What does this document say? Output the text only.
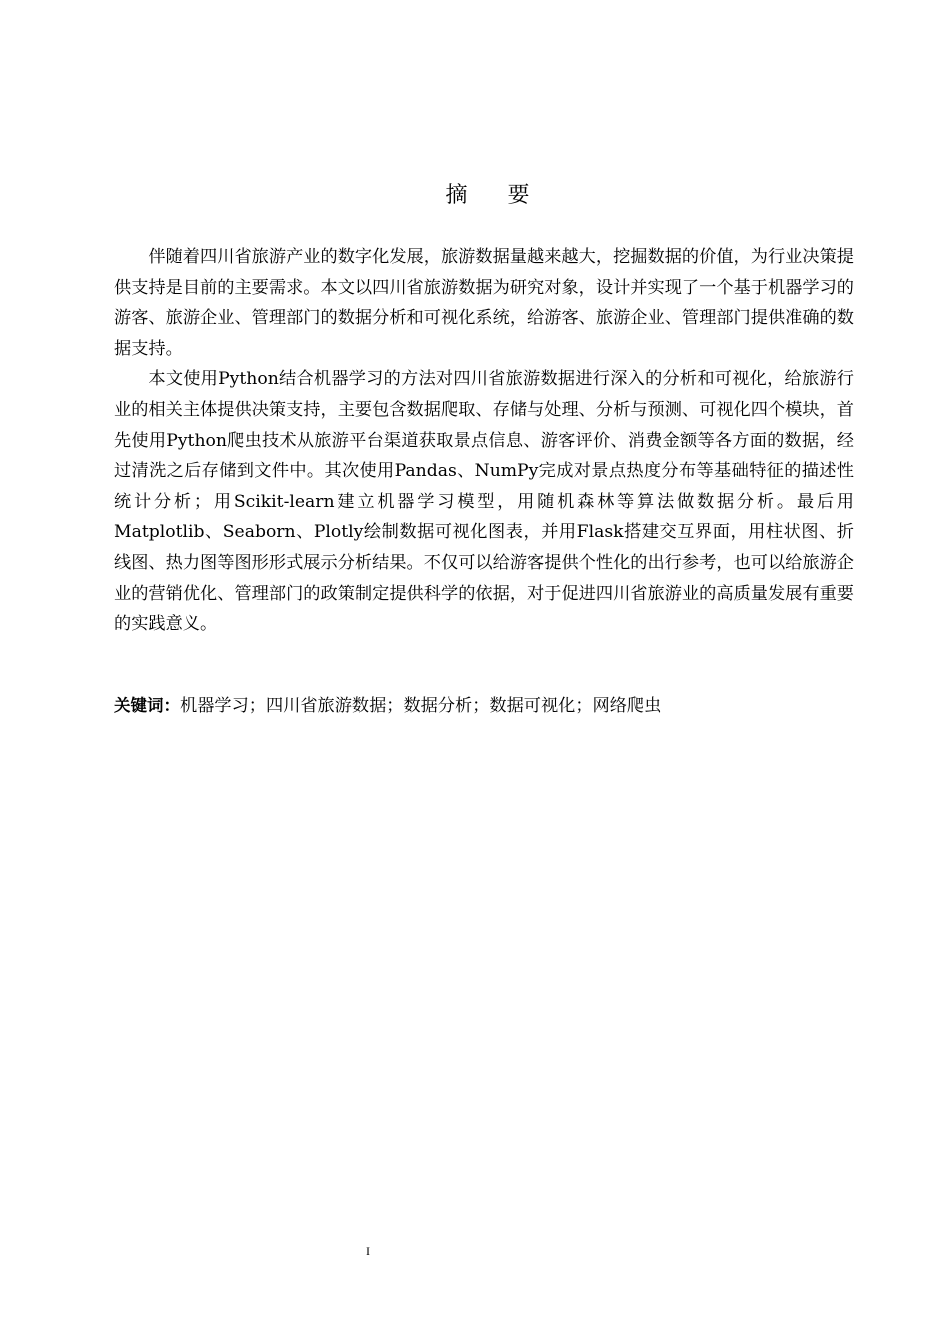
摘 要

伴随着四川省旅游产业的数字化发展，旅游数据量越来越大，挖掘数据的价值，为行业决策提供支持是目前的主要需求。本文以四川省旅游数据为研究对象，设计并实现了一个基于机器学习的游客、旅游企业、管理部门的数据分析和可视化系统，给游客、旅游企业、管理部门提供准确的数据支持。

本文使用Python结合机器学习的方法对四川省旅游数据进行深入的分析和可视化，给旅游行业的相关主体提供决策支持，主要包含数据爬取、存储与处理、分析与预测、可视化四个模块，首先使用Python爬虫技术从旅游平台渠道获取景点信息、游客评价、消费金额等各方面的数据，经过清洗之后存储到文件中。其次使用Pandas、NumPy完成对景点热度分布等基础特征的描述性统计分析；用Scikit-learn建立机器学习模型，用随机森林等算法做数据分析。最后用Matplotlib、Seaborn、Plotly绘制数据可视化图表，并用Flask搭建交互界面，用柱状图、折线图、热力图等图形形式展示分析结果。不仅可以给游客提供个性化的出行参考，也可以给旅游企业的营销优化、管理部门的政策制定提供科学的依据，对于促进四川省旅游业的高质量发展有重要的实践意义。

关键词：机器学习；四川省旅游数据；数据分析；数据可视化；网络爬虫
I
